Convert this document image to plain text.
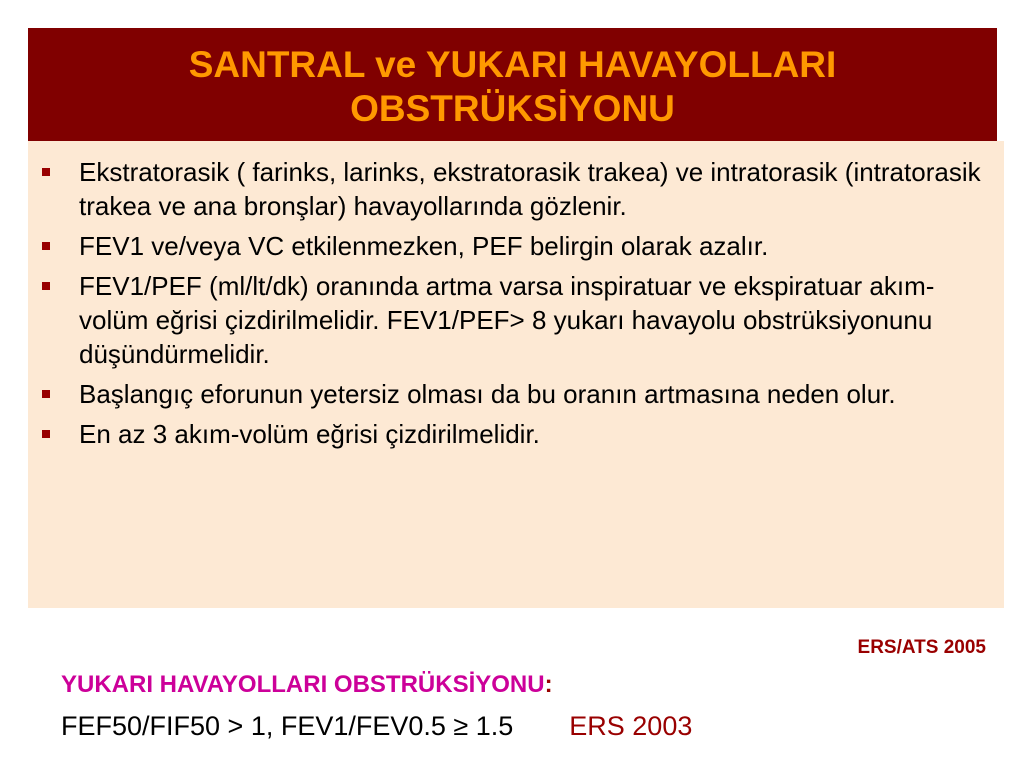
SANTRAL ve YUKARI HAVAYOLLARI
OBSTRÜKSİYONU
Ekstratorasik ( farinks, larinks, ekstratorasik trakea) ve intratorasik (intratorasik trakea ve ana bronşlar) havayollarında gözlenir.
FEV1 ve/veya VC etkilenmezken, PEF belirgin olarak azalır.
FEV1/PEF (ml/lt/dk) oranında artma varsa inspiratuar ve ekspiratuar akım-volüm eğrisi çizdirilmelidir. FEV1/PEF> 8 yukarı havayolu obstrüksiyonunu düşündürmelidir.
Başlangıç eforunun yetersiz olması da bu oranın artmasına neden olur.
En az 3 akım-volüm eğrisi çizdirilmelidir.
ERS/ATS 2005
YUKARI HAVAYOLLARI OBSTRÜKSİYONU:
FEF50/FIF50 > 1, FEV1/FEV0.5 ≥ 1.5 ERS 2003
